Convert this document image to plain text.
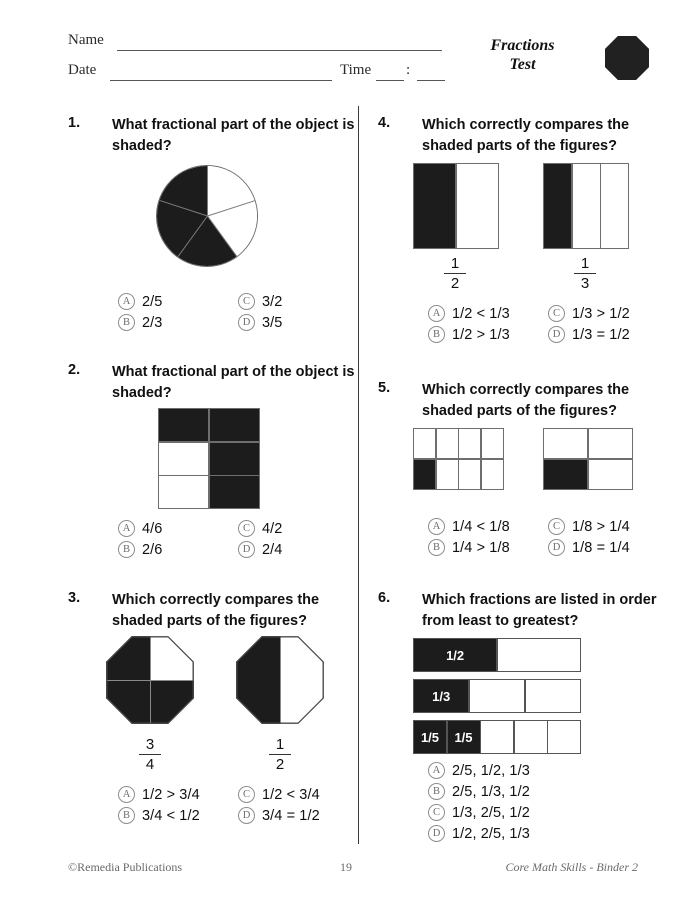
Name
Date	Time :
Fractions
Test
1. What fractional part of the object is shaded?
A 2/5
B 2/3
C 3/2
D 3/5
2. What fractional part of the object is shaded?
A 4/6
B 2/6
C 4/2
D 2/4
3. Which correctly compares the shaded parts of the figures?
3
4
1
2
A 1/2 > 3/4
B 3/4 < 1/2
C 1/2 < 3/4
D 3/4 = 1/2
4. Which correctly compares the shaded parts of the figures?
1
2
1
3
A 1/2 < 1/3
B 1/2 > 1/3
C 1/3 > 1/2
D 1/3 = 1/2
5. Which correctly compares the shaded parts of the figures?
A 1/4 < 1/8
B 1/4 > 1/8
C 1/8 > 1/4
D 1/8 = 1/4
6. Which fractions are listed in order from least to greatest?
1/2
1/3
1/5	1/5
A 2/5, 1/2, 1/3
B 2/5, 1/3, 1/2
C 1/3, 2/5, 1/2
D 1/2, 2/5, 1/3
©Remedia Publications	19	Core Math Skills - Binder 2
